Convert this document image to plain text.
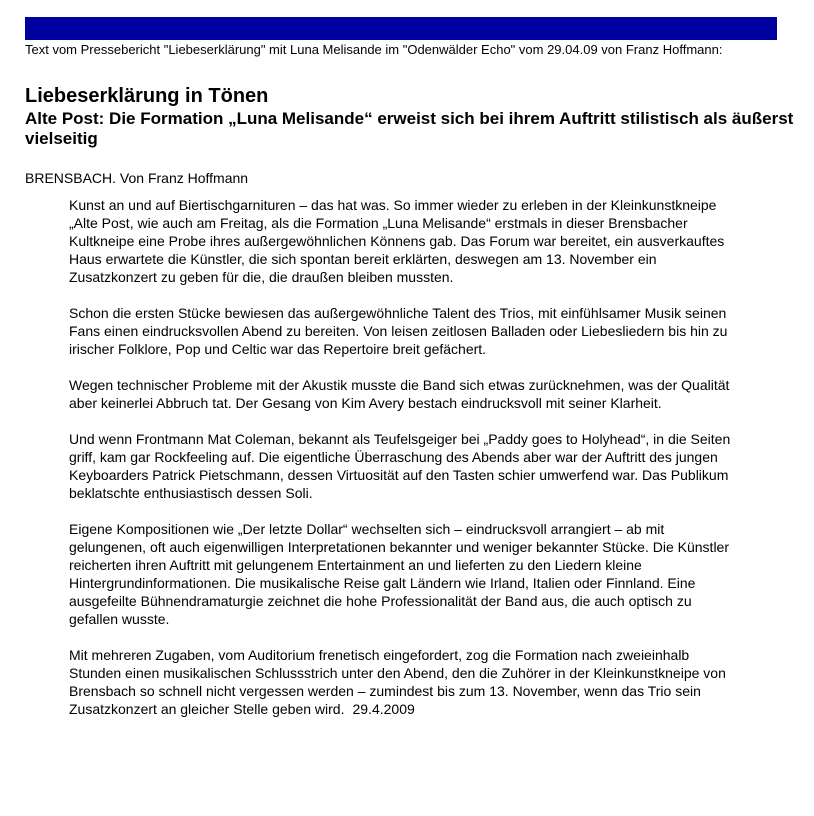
Text vom Pressebericht "Liebeserklärung" mit Luna Melisande im "Odenwälder Echo" vom 29.04.09 von Franz Hoffmann:
Liebeserklärung in Tönen
Alte Post: Die Formation „Luna Melisande“ erweist sich bei ihrem Auftritt stilistisch als äußerst vielseitig
BRENSBACH. Von Franz Hoffmann

Kunst an und auf Biertischgarnituren – das hat was. So immer wieder zu erleben in der Kleinkunstkneipe „Alte Post, wie auch am Freitag, als die Formation „Luna Melisande“ erstmals in dieser Brensbacher Kultkneipe eine Probe ihres außergewöhnlichen Könnens gab. Das Forum war bereitet, ein ausverkauftes Haus erwartete die Künstler, die sich spontan bereit erklärten, deswegen am 13. November ein Zusatzkonzert zu geben für die, die draußen bleiben mussten.

Schon die ersten Stücke bewiesen das außergewöhnliche Talent des Trios, mit einfühlsamer Musik seinen Fans einen eindrucksvollen Abend zu bereiten. Von leisen zeitlosen Balladen oder Liebesliedern bis hin zu irischer Folklore, Pop und Celtic war das Repertoire breit gefächert.

Wegen technischer Probleme mit der Akustik musste die Band sich etwas zurücknehmen, was der Qualität aber keinerlei Abbruch tat. Der Gesang von Kim Avery bestach eindrucksvoll mit seiner Klarheit.

Und wenn Frontmann Mat Coleman, bekannt als Teufelsgeiger bei „Paddy goes to Holyhead“, in die Seiten griff, kam gar Rockfeeling auf. Die eigentliche Überraschung des Abends aber war der Auftritt des jungen Keyboarders Patrick Pietschmann, dessen Virtuosität auf den Tasten schier umwerfend war. Das Publikum beklatschte enthusiastisch dessen Soli.

Eigene Kompositionen wie „Der letzte Dollar“ wechselten sich – eindrucksvoll arrangiert – ab mit gelungenen, oft auch eigenwilligen Interpretationen bekannter und weniger bekannter Stücke. Die Künstler reicherten ihren Auftritt mit gelungenem Entertainment an und lieferten zu den Liedern kleine Hintergrundinformationen. Die musikalische Reise galt Ländern wie Irland, Italien oder Finnland. Eine ausgefeilte Bühnendramaturgie zeichnet die hohe Professionalität der Band aus, die auch optisch zu gefallen wusste.

Mit mehreren Zugaben, vom Auditorium frenetisch eingefordert, zog die Formation nach zweieinhalb Stunden einen musikalischen Schlussstrich unter den Abend, den die Zuhörer in der Kleinkunstkneipe von Brensbach so schnell nicht vergessen werden – zumindest bis zum 13. November, wenn das Trio sein Zusatzkonzert an gleicher Stelle geben wird. 29.4.2009
